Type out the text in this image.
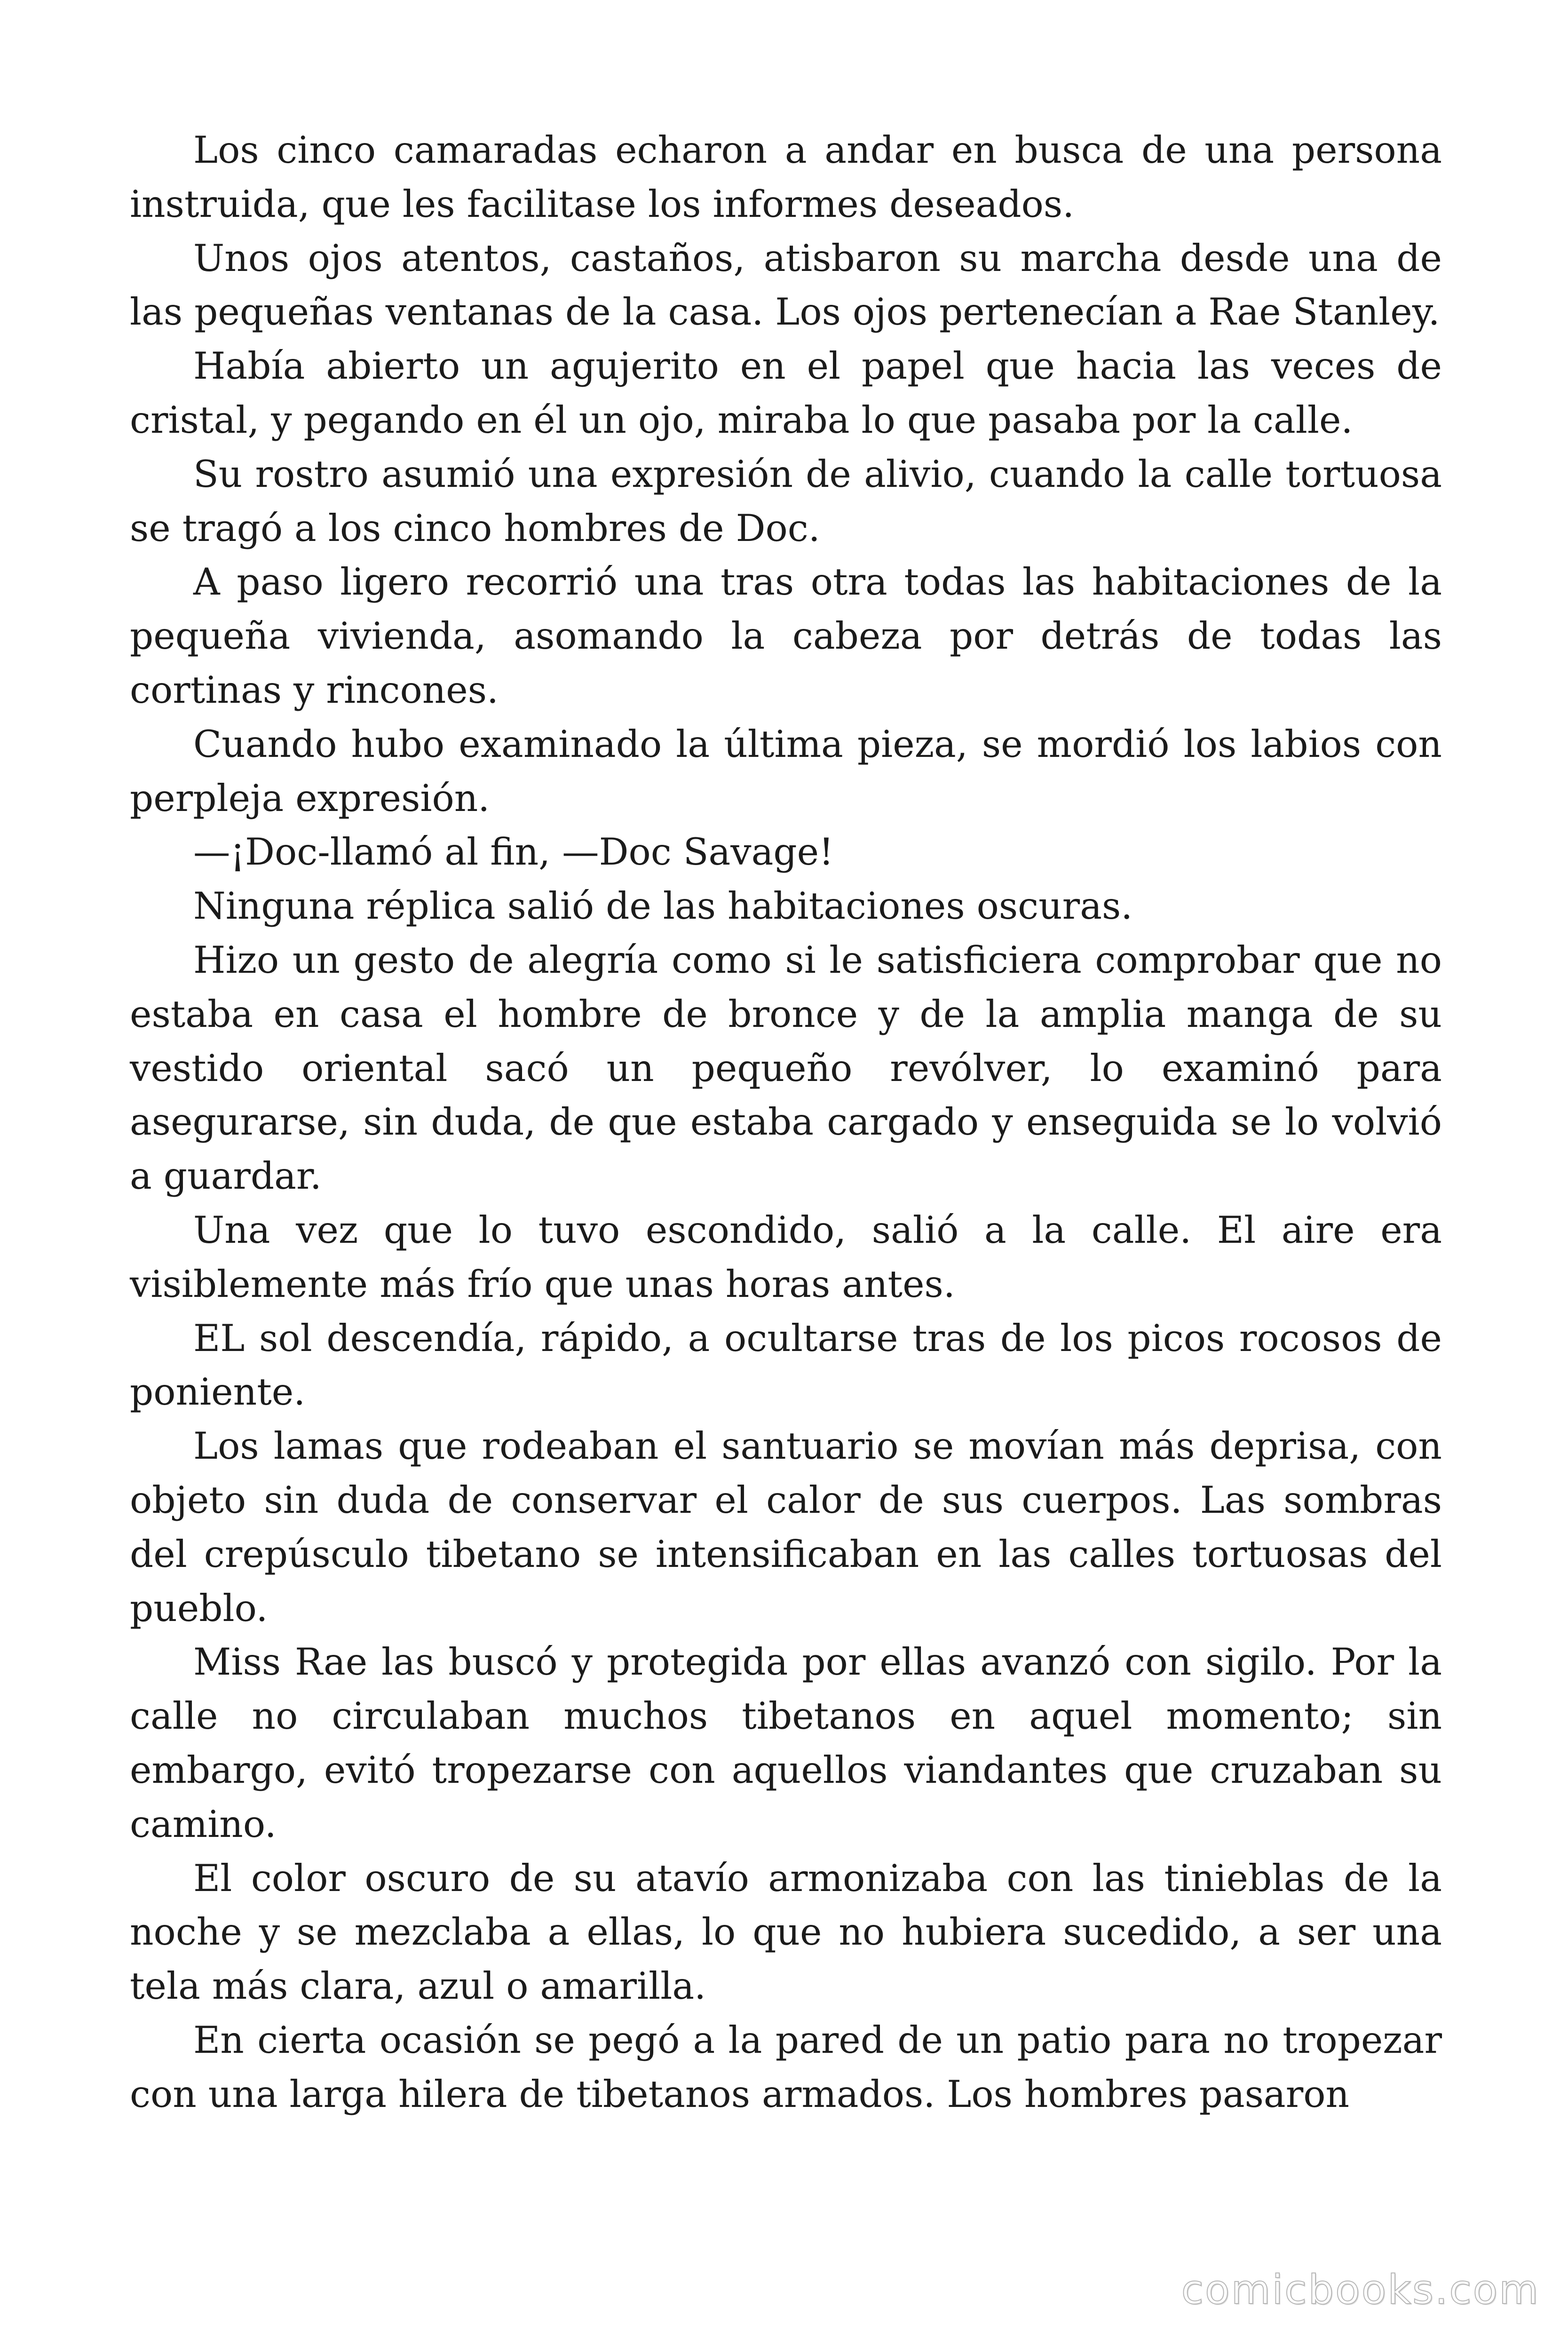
Los cinco camaradas echaron a andar en busca de una persona instruida, que les facilitase los informes deseados.

Unos ojos atentos, castaños, atisbaron su marcha desde una de las pequeñas ventanas de la casa. Los ojos pertenecían a Rae Stanley.

Había abierto un agujerito en el papel que hacia las veces de cristal, y pegando en él un ojo, miraba lo que pasaba por la calle.

Su rostro asumió una expresión de alivio, cuando la calle tortuosa se tragó a los cinco hombres de Doc.

A paso ligero recorrió una tras otra todas las habitaciones de la pequeña vivienda, asomando la cabeza por detrás de todas las cortinas y rincones.

Cuando hubo examinado la última pieza, se mordió los labios con perpleja expresión.

—¡Doc-llamó al fin, —Doc Savage!

Ninguna réplica salió de las habitaciones oscuras.

Hizo un gesto de alegría como si le satisficiera comprobar que no estaba en casa el hombre de bronce y de la amplia manga de su vestido oriental sacó un pequeño revólver, lo examinó para asegurarse, sin duda, de que estaba cargado y enseguida se lo volvió a guardar.

Una vez que lo tuvo escondido, salió a la calle. El aire era visiblemente más frío que unas horas antes.

EL sol descendía, rápido, a ocultarse tras de los picos rocosos de poniente.

Los lamas que rodeaban el santuario se movían más deprisa, con objeto sin duda de conservar el calor de sus cuerpos. Las sombras del crepúsculo tibetano se intensificaban en las calles tortuosas del pueblo.

Miss Rae las buscó y protegida por ellas avanzó con sigilo. Por la calle no circulaban muchos tibetanos en aquel momento; sin embargo, evitó tropezarse con aquellos viandantes que cruzaban su camino.

El color oscuro de su atavío armonizaba con las tinieblas de la noche y se mezclaba a ellas, lo que no hubiera sucedido, a ser una tela más clara, azul o amarilla.

En cierta ocasión se pegó a la pared de un patio para no tropezar con una larga hilera de tibetanos armados. Los hombres pasaron

comicbooks.com
